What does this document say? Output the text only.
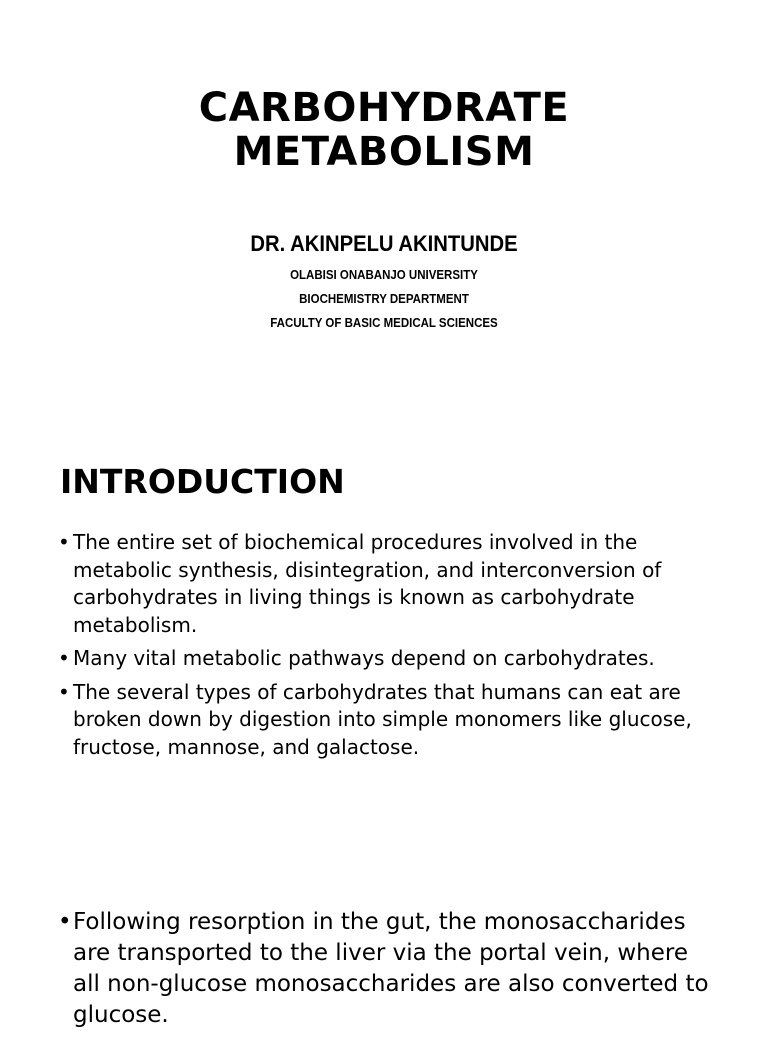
CARBOHYDRATE
METABOLISM

DR. AKINPELU AKINTUNDE

OLABISI ONABANJO UNIVERSITY

BIOCHEMISTRY DEPARTMENT

FACULTY OF BASIC MEDICAL SCIENCES

INTRODUCTION
• The entire set of biochemical procedures involved in the metabolic synthesis, disintegration, and interconversion of carbohydrates in living things is known as carbohydrate metabolism.
• Many vital metabolic pathways depend on carbohydrates.
• The several types of carbohydrates that humans can eat are broken down by digestion into simple monomers like glucose, fructose, mannose, and galactose.
• Following resorption in the gut, the monosaccharides are transported to the liver via the portal vein, where all non-glucose monosaccharides are also converted to glucose.
